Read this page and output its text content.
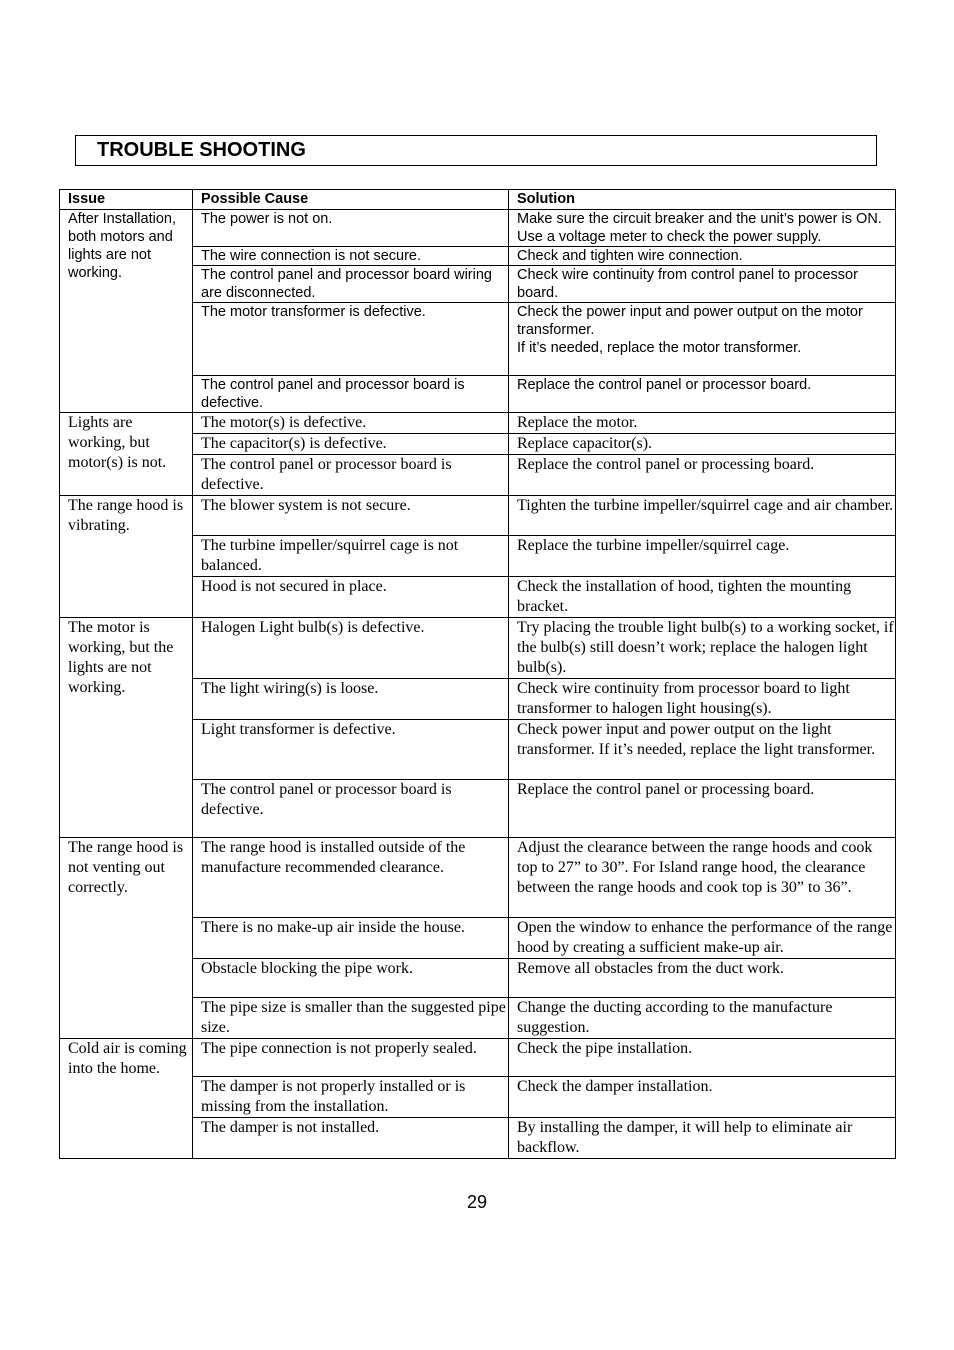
TROUBLE SHOOTING
Issue	Possible Cause	Solution
After Installation, both motors and lights are not working.	The power is not on.	Make sure the circuit breaker and the unit’s power is ON. Use a voltage meter to check the power supply.
	The wire connection is not secure.	Check and tighten wire connection.
	The control panel and processor board wiring are disconnected.	Check wire continuity from control panel to processor board.
	The motor transformer is defective.	Check the power input and power output on the motor transformer.
If it’s needed, replace the motor transformer.

	The control panel and processor board is defective.	Replace the control panel or processor board.
Lights are working, but motor(s) is not.	The motor(s) is defective.	Replace the motor.
	The capacitor(s) is defective.	Replace capacitor(s).
	The control panel or processor board is defective.	Replace the control panel or processing board.
The range hood is vibrating.	The blower system is not secure.	Tighten the turbine impeller/squirrel cage and air chamber.
	The turbine impeller/squirrel cage is not balanced.	Replace the turbine impeller/squirrel cage.
	Hood is not secured in place.	Check the installation of hood, tighten the mounting bracket.
The motor is working, but the lights are not working.	Halogen Light bulb(s) is defective.	Try placing the trouble light bulb(s) to a working socket, if the bulb(s) still doesn’t work; replace the halogen light bulb(s).
	The light wiring(s) is loose.	Check wire continuity from processor board to light transformer to halogen light housing(s).
	Light transformer is defective.	Check power input and power output on the light transformer. If it’s needed, replace the light transformer.
	The control panel or processor board is defective.	Replace the control panel or processing board.
The range hood is not venting out correctly.	The range hood is installed outside of the manufacture recommended clearance.	Adjust the clearance between the range hoods and cook top to 27” to 30”. For Island range hood, the clearance between the range hoods and cook top is 30” to 36”.
	There is no make-up air inside the house.	Open the window to enhance the performance of the range hood by creating a sufficient make-up air.
	Obstacle blocking the pipe work.	Remove all obstacles from the duct work.
	The pipe size is smaller than the suggested pipe size.	Change the ducting according to the manufacture suggestion.
Cold air is coming into the home.	The pipe connection is not properly sealed.	Check the pipe installation.
	The damper is not properly installed or is missing from the installation.	Check the damper installation.
	The damper is not installed.	By installing the damper, it will help to eliminate air backflow.
29
